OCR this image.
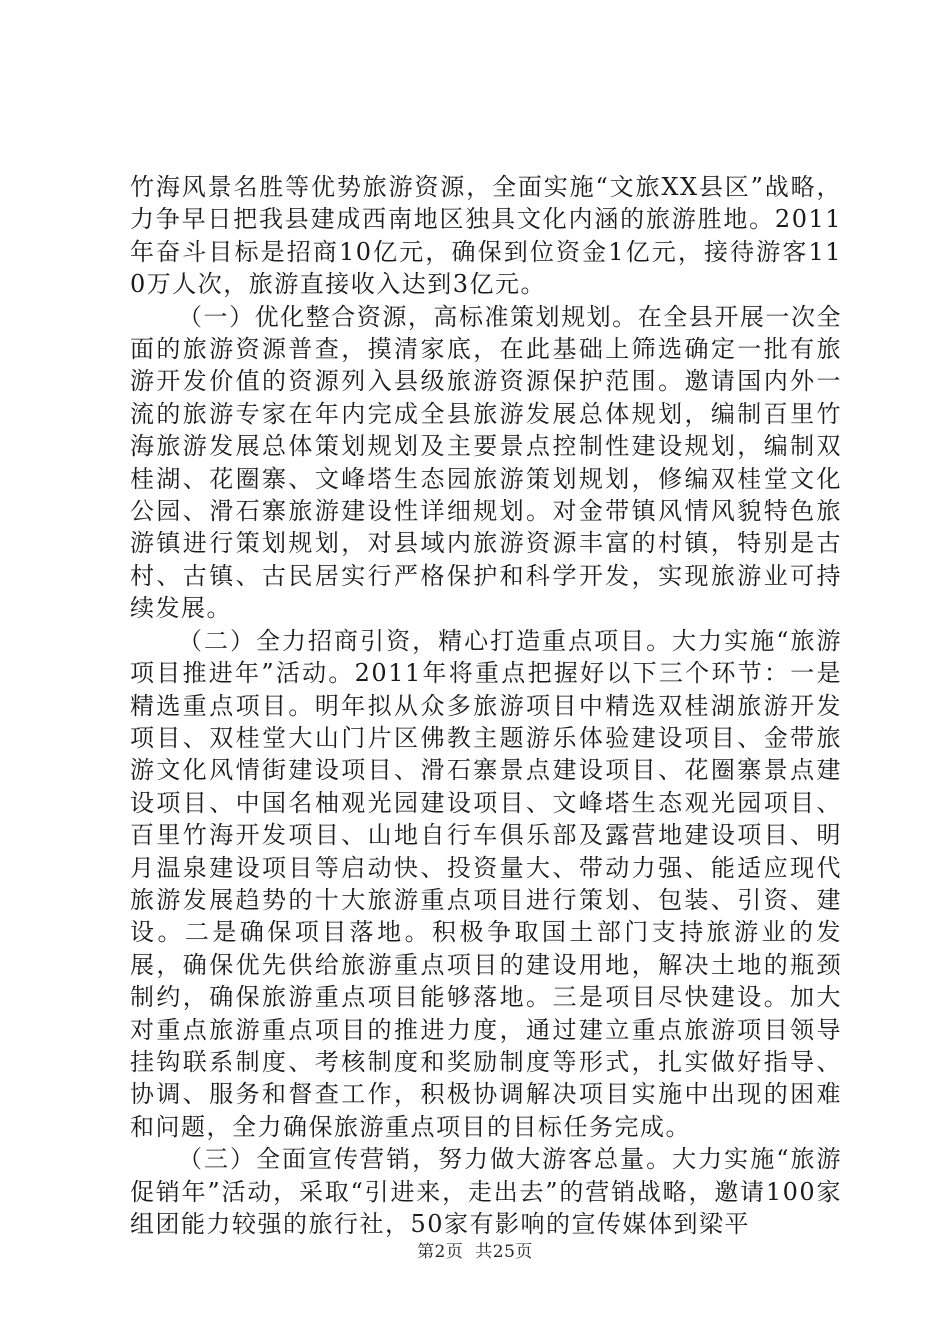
竹海风景名胜等优势旅游资源，全面实施“文旅XX县区”战略，力争早日把我县建成西南地区独具文化内涵的旅游胜地。2011年奋斗目标是招商10亿元，确保到位资金1亿元，接待游客110万人次，旅游直接收入达到3亿元。

（一）优化整合资源，高标准策划规划。在全县开展一次全面的旅游资源普查，摸清家底，在此基础上筛选确定一批有旅游开发价值的资源列入县级旅游资源保护范围。邀请国内外一流的旅游专家在年内完成全县旅游发展总体规划，编制百里竹海旅游发展总体策划规划及主要景点控制性建设规划，编制双桂湖、花圈寨、文峰塔生态园旅游策划规划，修编双桂堂文化公园、滑石寨旅游建设性详细规划。对金带镇风情风貌特色旅游镇进行策划规划，对县域内旅游资源丰富的村镇，特别是古村、古镇、古民居实行严格保护和科学开发，实现旅游业可持续发展。

（二）全力招商引资，精心打造重点项目。大力实施“旅游项目推进年”活动。2011年将重点把握好以下三个环节：一是精选重点项目。明年拟从众多旅游项目中精选双桂湖旅游开发项目、双桂堂大山门片区佛教主题游乐体验建设项目、金带旅游文化风情街建设项目、滑石寨景点建设项目、花圈寨景点建设项目、中国名柚观光园建设项目、文峰塔生态观光园项目、百里竹海开发项目、山地自行车俱乐部及露营地建设项目、明月温泉建设项目等启动快、投资量大、带动力强、能适应现代旅游发展趋势的十大旅游重点项目进行策划、包装、引资、建设。二是确保项目落地。积极争取国土部门支持旅游业的发展，确保优先供给旅游重点项目的建设用地，解决土地的瓶颈制约，确保旅游重点项目能够落地。三是项目尽快建设。加大对重点旅游重点项目的推进力度，通过建立重点旅游项目领导挂钩联系制度、考核制度和奖励制度等形式，扎实做好指导、协调、服务和督查工作，积极协调解决项目实施中出现的困难和问题，全力确保旅游重点项目的目标任务完成。

（三）全面宣传营销，努力做大游客总量。大力实施“旅游促销年”活动，采取“引进来，走出去”的营销战略，邀请100家组团能力较强的旅行社，50家有影响的宣传媒体到梁平

第2页 共25页
